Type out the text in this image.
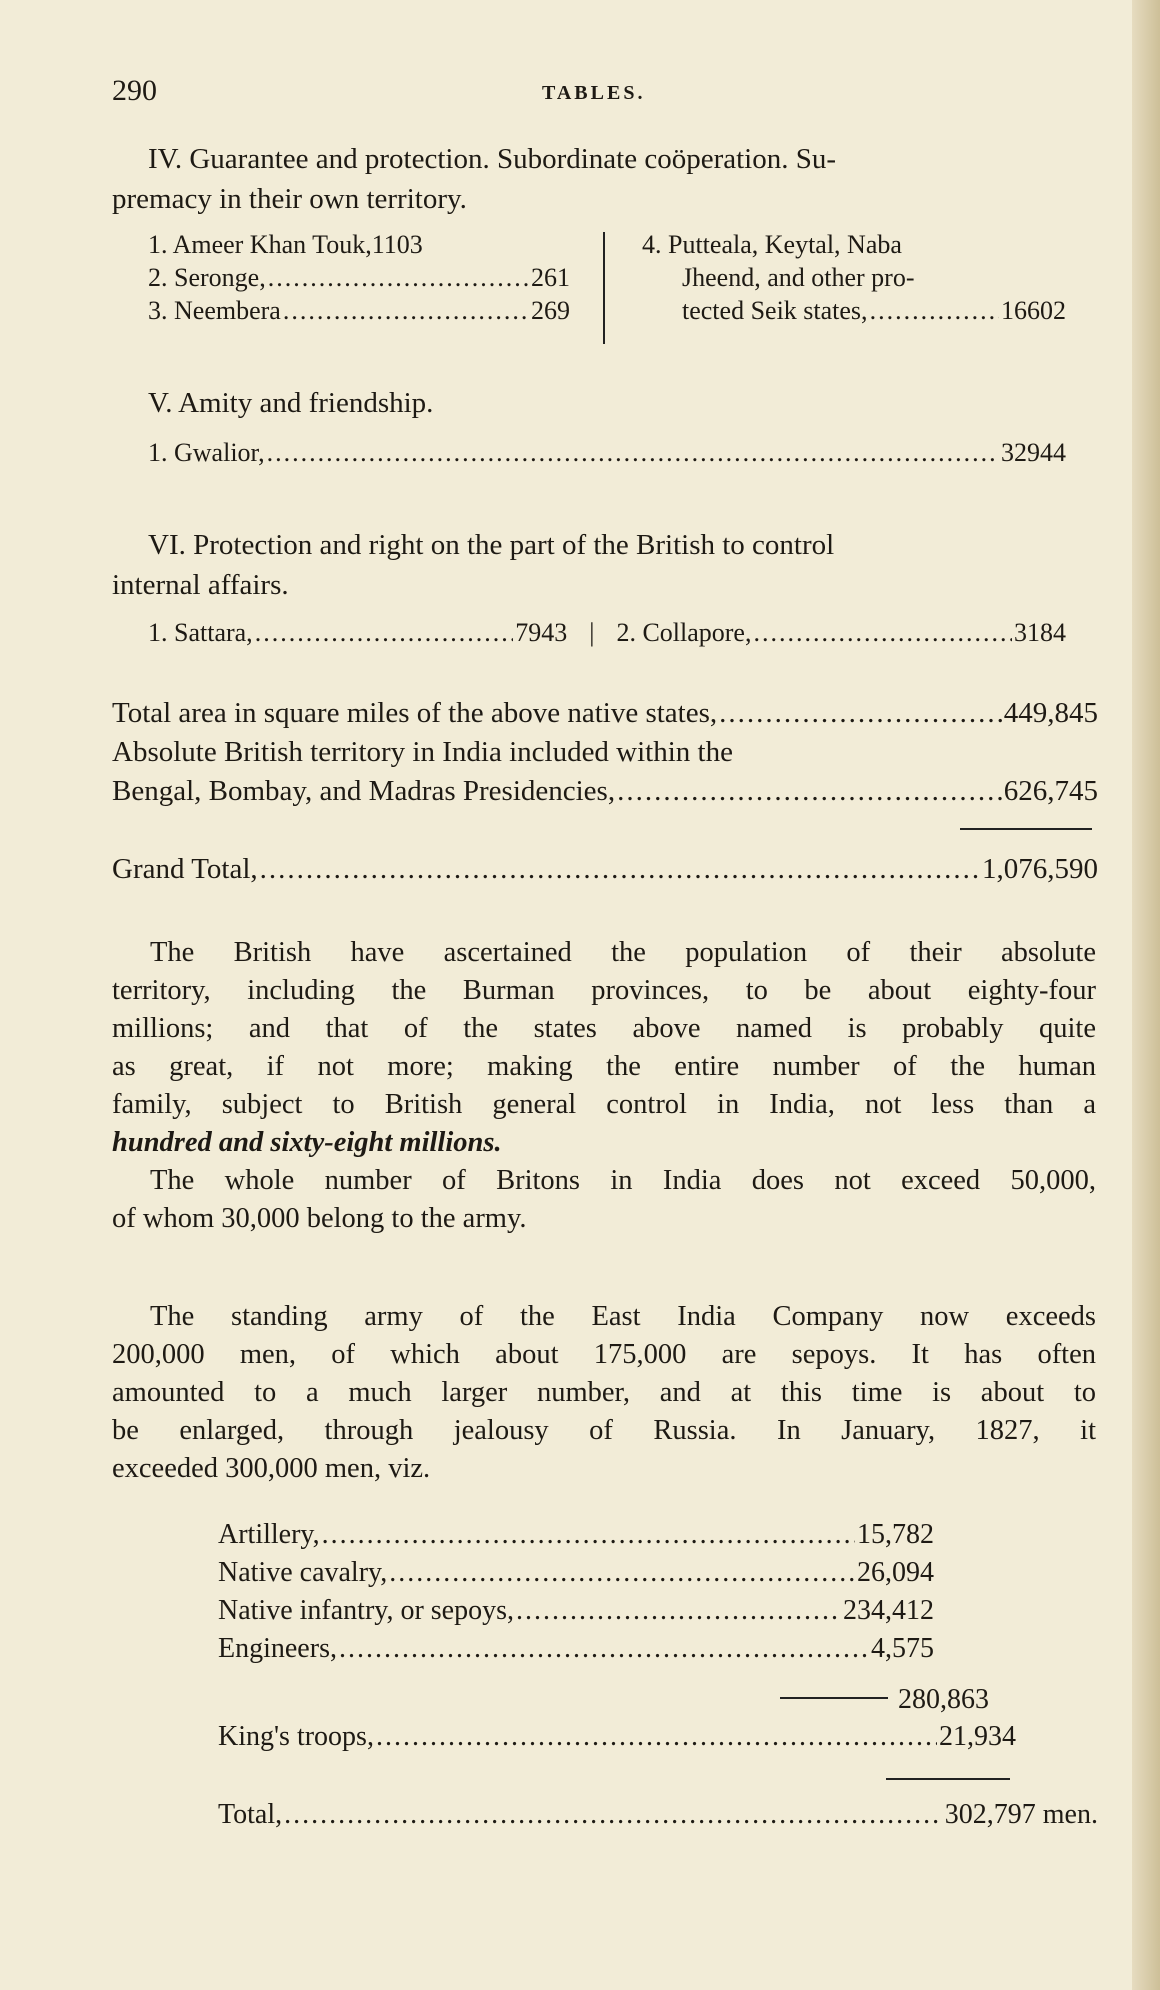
290	TABLES.
IV. Guarantee and protection. Subordinate coöperation. Su-
premacy in their own territory.
1. Ameer Khan Touk, 1103
2. Seronge, .....	261
3. Neembera .....	269
4. Putteala, Keytal, Naba
Jheend, and other pro-
tected Seik states, .....	16602
V. Amity and friendship.
1. Gwalior, .....	32944
VI. Protection and right on the part of the British to control
internal affairs.
1. Sattara, .....	7943 | 2. Collapore, .....	3184
Total area in square miles of the above native states, .....	449,845
Absolute British territory in India included within the
Bengal, Bombay, and Madras Presidencies, .....	626,745
Grand Total, .....	1,076,590
The British have ascertained the population of their absolute
territory, including the Burman provinces, to be about eighty-four
millions; and that of the states above named is probably quite
as great, if not more; making the entire number of the human
family, subject to British general control in India, not less than a
hundred and sixty-eight millions.
The whole number of Britons in India does not exceed 50,000,
of whom 30,000 belong to the army.
The standing army of the East India Company now exceeds
200,000 men, of which about 175,000 are sepoys. It has often
amounted to a much larger number, and at this time is about to
be enlarged, through jealousy of Russia. In January, 1827, it
exceeded 300,000 men, viz.
Artillery, .....	15,782
Native cavalry, .....	26,094
Native infantry, or sepoys, .....	234,412
Engineers, .....	4,575
280,863
King's troops, .....	21,934
Total, .....	302,797 men.
